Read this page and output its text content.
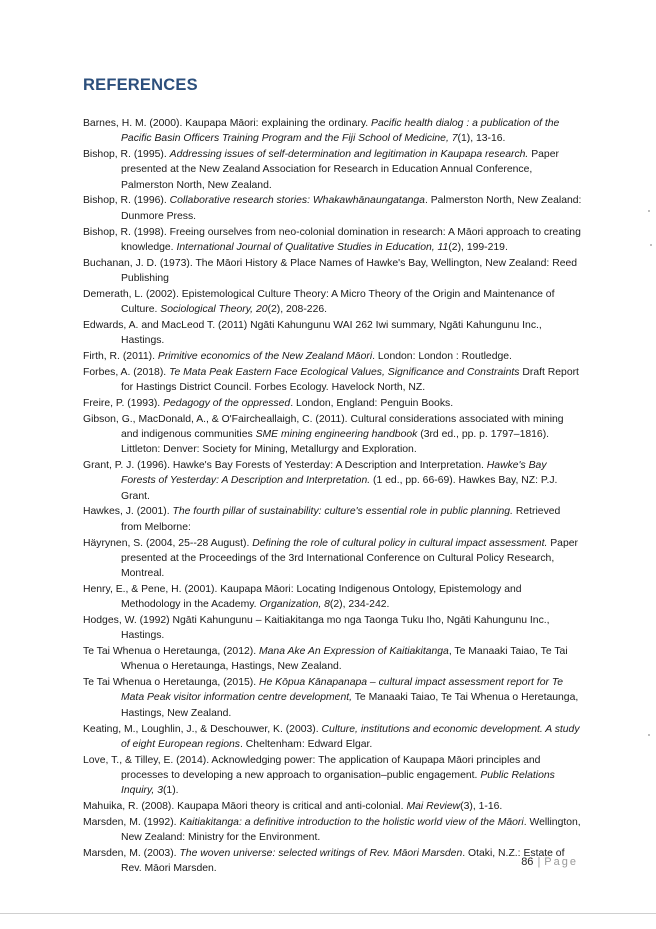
REFERENCES
Barnes, H. M. (2000). Kaupapa Māori: explaining the ordinary. Pacific health dialog : a publication of the Pacific Basin Officers Training Program and the Fiji School of Medicine, 7(1), 13-16.
Bishop, R. (1995). Addressing issues of self-determination and legitimation in Kaupapa research. Paper presented at the New Zealand Association for Research in Education Annual Conference, Palmerston North, New Zealand.
Bishop, R. (1996). Collaborative research stories: Whakawhānaungatanga. Palmerston North, New Zealand: Dunmore Press.
Bishop, R. (1998). Freeing ourselves from neo-colonial domination in research: A Māori approach to creating knowledge. International Journal of Qualitative Studies in Education, 11(2), 199-219.
Buchanan, J. D. (1973). The Māori History & Place Names of Hawke's Bay, Wellington, New Zealand: Reed Publishing
Demerath, L. (2002). Epistemological Culture Theory: A Micro Theory of the Origin and Maintenance of Culture. Sociological Theory, 20(2), 208-226.
Edwards, A. and MacLeod T. (2011) Ngāti Kahungunu WAI 262 Iwi summary, Ngāti Kahungunu Inc., Hastings.
Firth, R. (2011). Primitive economics of the New Zealand Māori. London: London : Routledge.
Forbes, A. (2018). Te Mata Peak Eastern Face Ecological Values, Significance and Constraints Draft Report for Hastings District Council. Forbes Ecology. Havelock North, NZ.
Freire, P. (1993). Pedagogy of the oppressed. London, England: Penguin Books.
Gibson, G., MacDonald, A., & O'Faircheallaigh, C. (2011). Cultural considerations associated with mining and indigenous communities SME mining engineering handbook (3rd ed., pp. p. 1797–1816). Littleton: Denver: Society for Mining, Metallurgy and Exploration.
Grant, P. J. (1996). Hawke's Bay Forests of Yesterday: A Description and Interpretation. Hawke's Bay Forests of Yesterday: A Description and Interpretation. (1 ed., pp. 66-69). Hawkes Bay, NZ: P.J. Grant.
Hawkes, J. (2001). The fourth pillar of sustainability: culture's essential role in public planning. Retrieved from Melborne:
Häyrynen, S. (2004, 25--28 August). Defining the role of cultural policy in cultural impact assessment. Paper presented at the Proceedings of the 3rd International Conference on Cultural Policy Research, Montreal.
Henry, E., & Pene, H. (2001). Kaupapa Māori: Locating Indigenous Ontology, Epistemology and Methodology in the Academy. Organization, 8(2), 234-242.
Hodges, W. (1992) Ngāti Kahungunu – Kaitiakitanga mo nga Taonga Tuku Iho, Ngāti Kahungunu Inc., Hastings.
Te Tai Whenua o Heretaunga, (2012). Mana Ake An Expression of Kaitiakitanga, Te Manaaki Taiao, Te Tai Whenua o Heretaunga, Hastings, New Zealand.
Te Tai Whenua o Heretaunga, (2015). He Kōpua Kānapanapa – cultural impact assessment report for Te Mata Peak visitor information centre development, Te Manaaki Taiao, Te Tai Whenua o Heretaunga, Hastings, New Zealand.
Keating, M., Loughlin, J., & Deschouwer, K. (2003). Culture, institutions and economic development. A study of eight European regions. Cheltenham: Edward Elgar.
Love, T., & Tilley, E. (2014). Acknowledging power: The application of Kaupapa Māori principles and processes to developing a new approach to organisation–public engagement. Public Relations Inquiry, 3(1).
Mahuika, R. (2008). Kaupapa Māori theory is critical and anti-colonial. Mai Review(3), 1-16.
Marsden, M. (1992). Kaitiakitanga: a definitive introduction to the holistic world view of the Māori. Wellington, New Zealand: Ministry for the Environment.
Marsden, M. (2003). The woven universe: selected writings of Rev. Māori Marsden. Otaki, N.Z.: Estate of Rev. Māori Marsden.
86 | Page
